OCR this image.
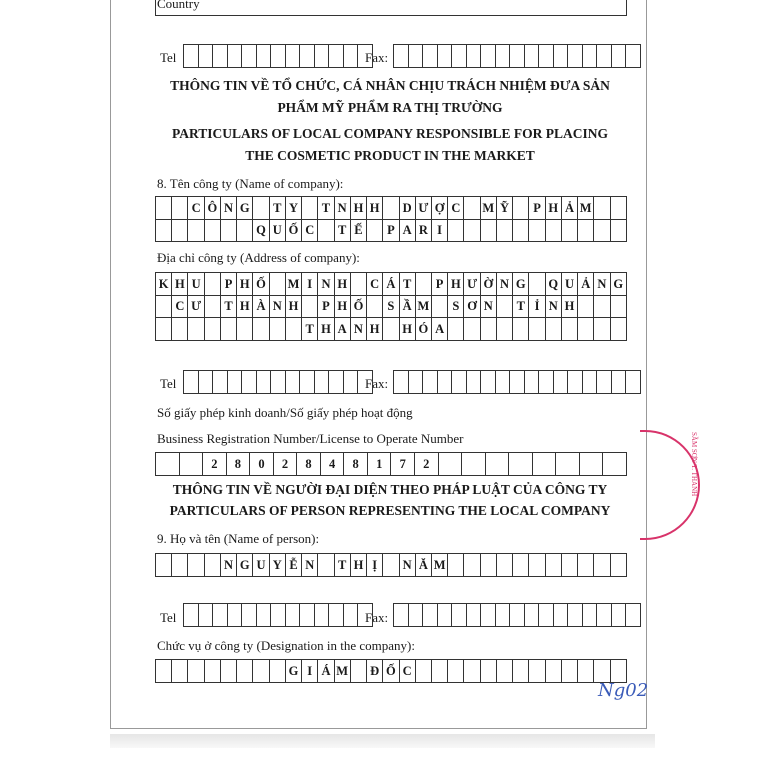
Country
Tel	Fax:
THÔNG TIN VỀ TỔ CHỨC, CÁ NHÂN CHỊU TRÁCH NHIỆM ĐƯA SẢN
PHẨM MỸ PHẨM RA THỊ TRƯỜNG
PARTICULARS OF LOCAL COMPANY RESPONSIBLE FOR PLACING
THE COSMETIC PRODUCT IN THE MARKET
8. Tên công ty (Name of company):
C Ô N G	T Y	T N H H	D Ư Ợ C	M Ỹ	P H Ả M
Q U Ố C	T Ế	P A R I
Địa chỉ công ty (Address of company):
K H U	P H Ố	M I N H	C Á T	P H Ư Ờ N G	Q U Ả N G
C Ư T H À N H	P H Ố	S Ầ M	S Ơ N	T Ỉ N H
T H A N H	H Ó A
Tel	Fax:
Số giấy phép kinh doanh/Số giấy phép hoạt động
Business Registration Number/License to Operate Number
2	8	0	2	8	4	8	1	7	2
THÔNG TIN VỀ NGƯỜI ĐẠI DIỆN THEO PHÁP LUẬT CỦA CÔNG TY
PARTICULARS OF PERSON REPRESENTING THE LOCAL COMPANY
9. Họ và tên (Name of person):
N G U Y Ễ N	T H Ị	N Ă M
Tel	Fax:
Chức vụ ở công ty (Designation in the company):
G I Á M Đ Ố C
SẦM SƠN T. THANH
Ng02
